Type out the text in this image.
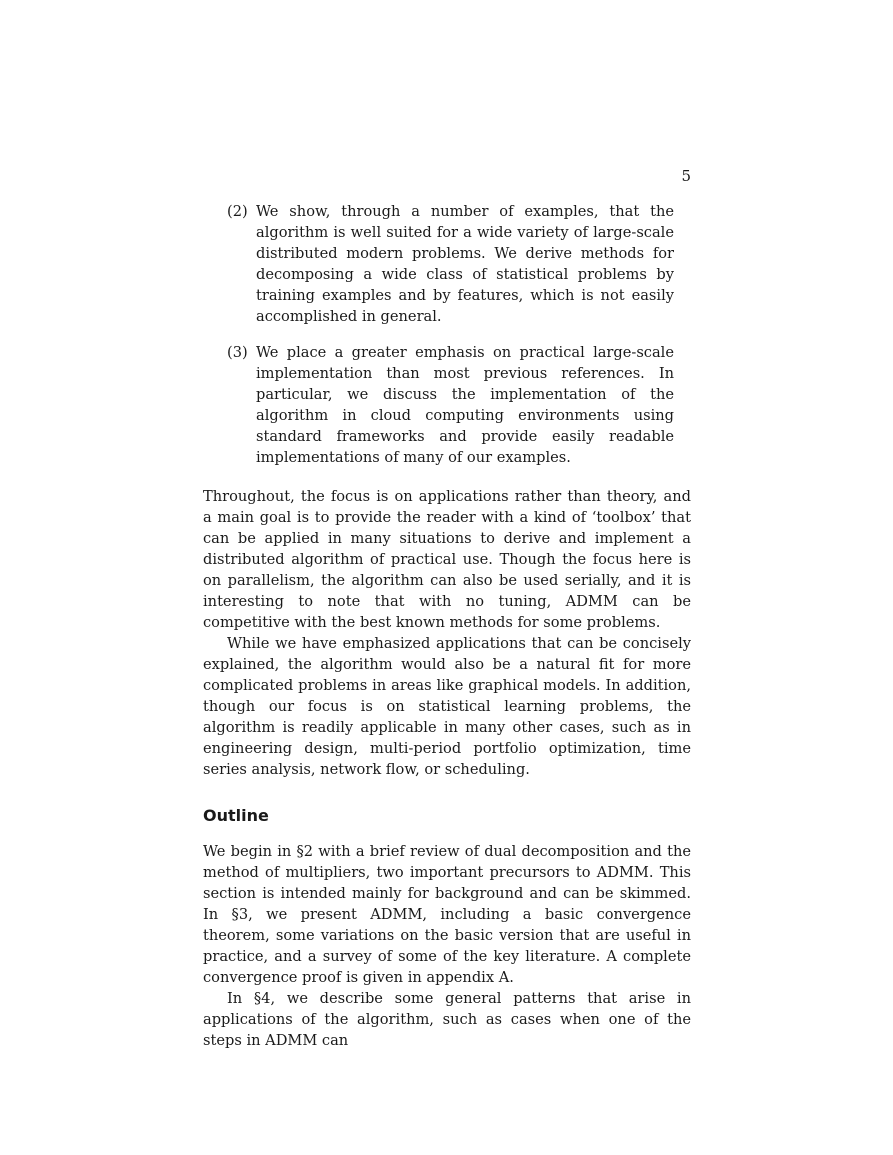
5
(2) We show, through a number of examples, that the algorithm is well suited for a wide variety of large-scale distributed modern problems. We derive methods for decomposing a wide class of statistical problems by training examples and by features, which is not easily accomplished in general.
(3) We place a greater emphasis on practical large-scale implementation than most previous references. In particular, we discuss the implementation of the algorithm in cloud computing environments using standard frameworks and provide easily readable implementations of many of our examples.

Throughout, the focus is on applications rather than theory, and a main goal is to provide the reader with a kind of ‘toolbox’ that can be applied in many situations to derive and implement a distributed algorithm of practical use. Though the focus here is on parallelism, the algorithm can also be used serially, and it is interesting to note that with no tuning, ADMM can be competitive with the best known methods for some problems.

While we have emphasized applications that can be concisely explained, the algorithm would also be a natural fit for more complicated problems in areas like graphical models. In addition, though our focus is on statistical learning problems, the algorithm is readily applicable in many other cases, such as in engineering design, multi-period portfolio optimization, time series analysis, network flow, or scheduling.

Outline

We begin in §2 with a brief review of dual decomposition and the method of multipliers, two important precursors to ADMM. This section is intended mainly for background and can be skimmed. In §3, we present ADMM, including a basic convergence theorem, some variations on the basic version that are useful in practice, and a survey of some of the key literature. A complete convergence proof is given in appendix A.

In §4, we describe some general patterns that arise in applications of the algorithm, such as cases when one of the steps in ADMM can
